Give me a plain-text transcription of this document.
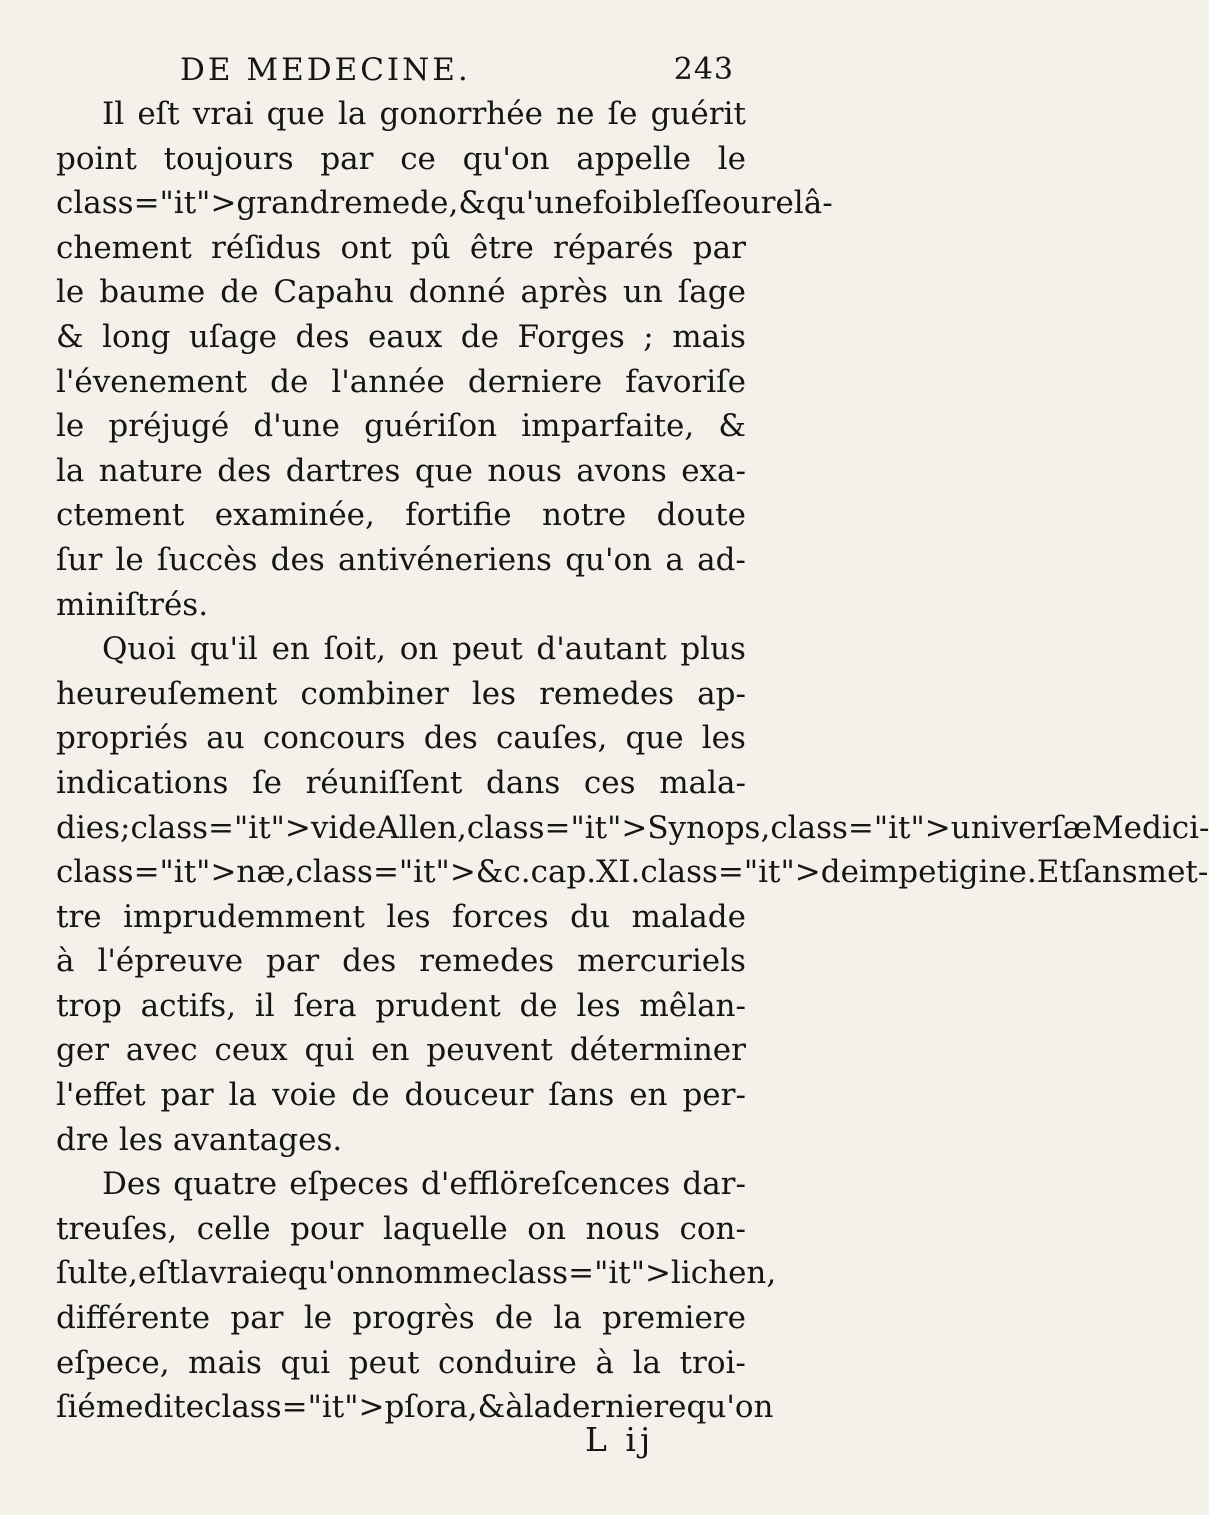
DE MEDECINE.	243
Il eſt vrai que la gonorrhée ne ſe guérit
point toujours par ce qu'on appelle le
class="it">grandremede,&qu'unefoibleſſeourelâ-
chement réſidus ont pû être réparés par
le baume de Capahu donné après un ſage
& long uſage des eaux de Forges ; mais
l'évenement de l'année derniere favoriſe
le préjugé d'une guériſon imparfaite, &
la nature des dartres que nous avons exa-
ctement examinée, fortifie notre doute
ſur le ſuccès des antivéneriens qu'on a ad-
miniſtrés.
Quoi qu'il en ſoit, on peut d'autant plus
heureuſement combiner les remedes ap-
propriés au concours des cauſes, que les
indications ſe réuniſſent dans ces mala-
dies ; class="it">videAllen,class="it">Synops,class="it">univerſæMedici-
class="it">næ,class="it">&c.cap.XI.class="it">deimpetigine.Etſansmet-
tre imprudemment les forces du malade
à l'épreuve par des remedes mercuriels
trop actifs, il ſera prudent de les mêlan-
ger avec ceux qui en peuvent déterminer
l'effet par la voie de douceur ſans en per-
dre les avantages.
Des quatre eſpeces d'efflöreſcences dar-
treuſes, celle pour laquelle on nous con-
ſulte, eſt la vraie qu'on nomme class="it">lichen,
différente par le progrès de la premiere
eſpece, mais qui peut conduire à la troi-
ſiéme dite class="it">pſora,&àladernierequ'on
L ij
